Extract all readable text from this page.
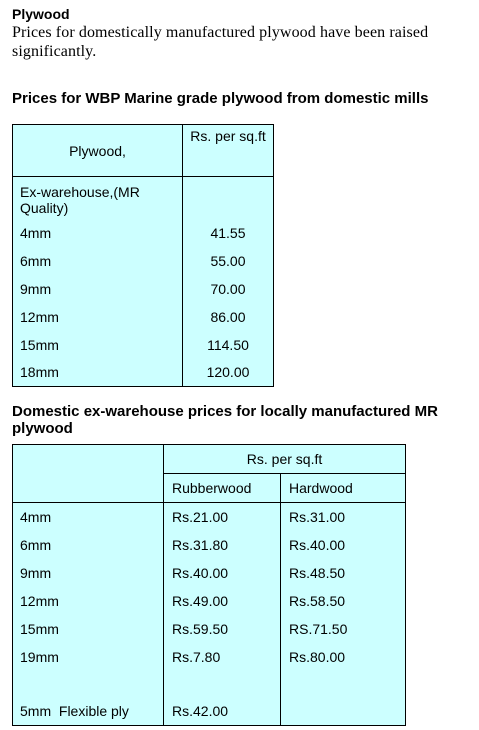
Plywood

Prices for domestically manufactured plywood have been raised significantly.

Prices for WBP Marine grade plywood from domestic mills

Plywood,	Rs. per sq.ft
Ex-warehouse,(MR Quality)	
4mm	41.55
6mm	55.00
9mm	70.00
12mm	86.00
15mm	114.50
18mm	120.00

Domestic ex-warehouse prices for locally manufactured MR plywood

	Rs. per sq.ft	
	Rubberwood	Hardwood
4mm	Rs.21.00	Rs.31.00
6mm	Rs.31.80	Rs.40.00
9mm	Rs.40.00	Rs.48.50
12mm	Rs.49.00	Rs.58.50
15mm	Rs.59.50	RS.71.50
19mm	Rs.7.80	Rs.80.00

5mm  Flexible ply	Rs.42.00	
